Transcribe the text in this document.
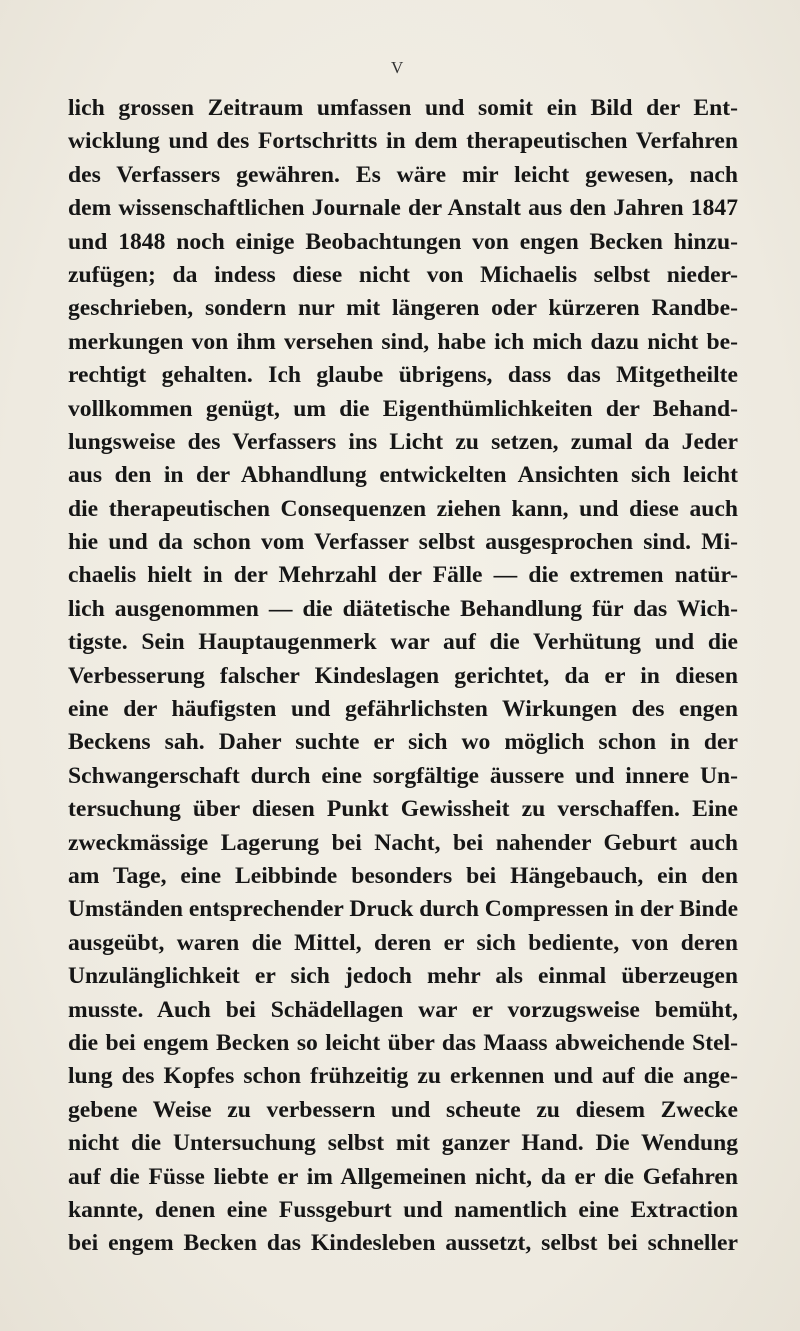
V
lich grossen Zeitraum umfassen und somit ein Bild der Ent-
wicklung und des Fortschritts in dem therapeutischen Verfahren
des Verfassers gewähren. Es wäre mir leicht gewesen, nach
dem wissenschaftlichen Journale der Anstalt aus den Jahren 1847
und 1848 noch einige Beobachtungen von engen Becken hinzu-
zufügen; da indess diese nicht von Michaelis selbst nieder-
geschrieben, sondern nur mit längeren oder kürzeren Randbe-
merkungen von ihm versehen sind, habe ich mich dazu nicht be-
rechtigt gehalten. Ich glaube übrigens, dass das Mitgetheilte
vollkommen genügt, um die Eigenthümlichkeiten der Behand-
lungsweise des Verfassers ins Licht zu setzen, zumal da Jeder
aus den in der Abhandlung entwickelten Ansichten sich leicht
die therapeutischen Consequenzen ziehen kann, und diese auch
hie und da schon vom Verfasser selbst ausgesprochen sind. Mi-
chaelis hielt in der Mehrzahl der Fälle — die extremen natür-
lich ausgenommen — die diätetische Behandlung für das Wich-
tigste. Sein Hauptaugenmerk war auf die Verhütung und die
Verbesserung falscher Kindeslagen gerichtet, da er in diesen
eine der häufigsten und gefährlichsten Wirkungen des engen
Beckens sah. Daher suchte er sich wo möglich schon in der
Schwangerschaft durch eine sorgfältige äussere und innere Un-
tersuchung über diesen Punkt Gewissheit zu verschaffen. Eine
zweckmässige Lagerung bei Nacht, bei nahender Geburt auch
am Tage, eine Leibbinde besonders bei Hängebauch, ein den
Umständen entsprechender Druck durch Compressen in der Binde
ausgeübt, waren die Mittel, deren er sich bediente, von deren
Unzulänglichkeit er sich jedoch mehr als einmal überzeugen
musste. Auch bei Schädellagen war er vorzugsweise bemüht,
die bei engem Becken so leicht über das Maass abweichende Stel-
lung des Kopfes schon frühzeitig zu erkennen und auf die ange-
gebene Weise zu verbessern und scheute zu diesem Zwecke
nicht die Untersuchung selbst mit ganzer Hand. Die Wendung
auf die Füsse liebte er im Allgemeinen nicht, da er die Gefahren
kannte, denen eine Fussgeburt und namentlich eine Extraction
bei engem Becken das Kindesleben aussetzt, selbst bei schneller
